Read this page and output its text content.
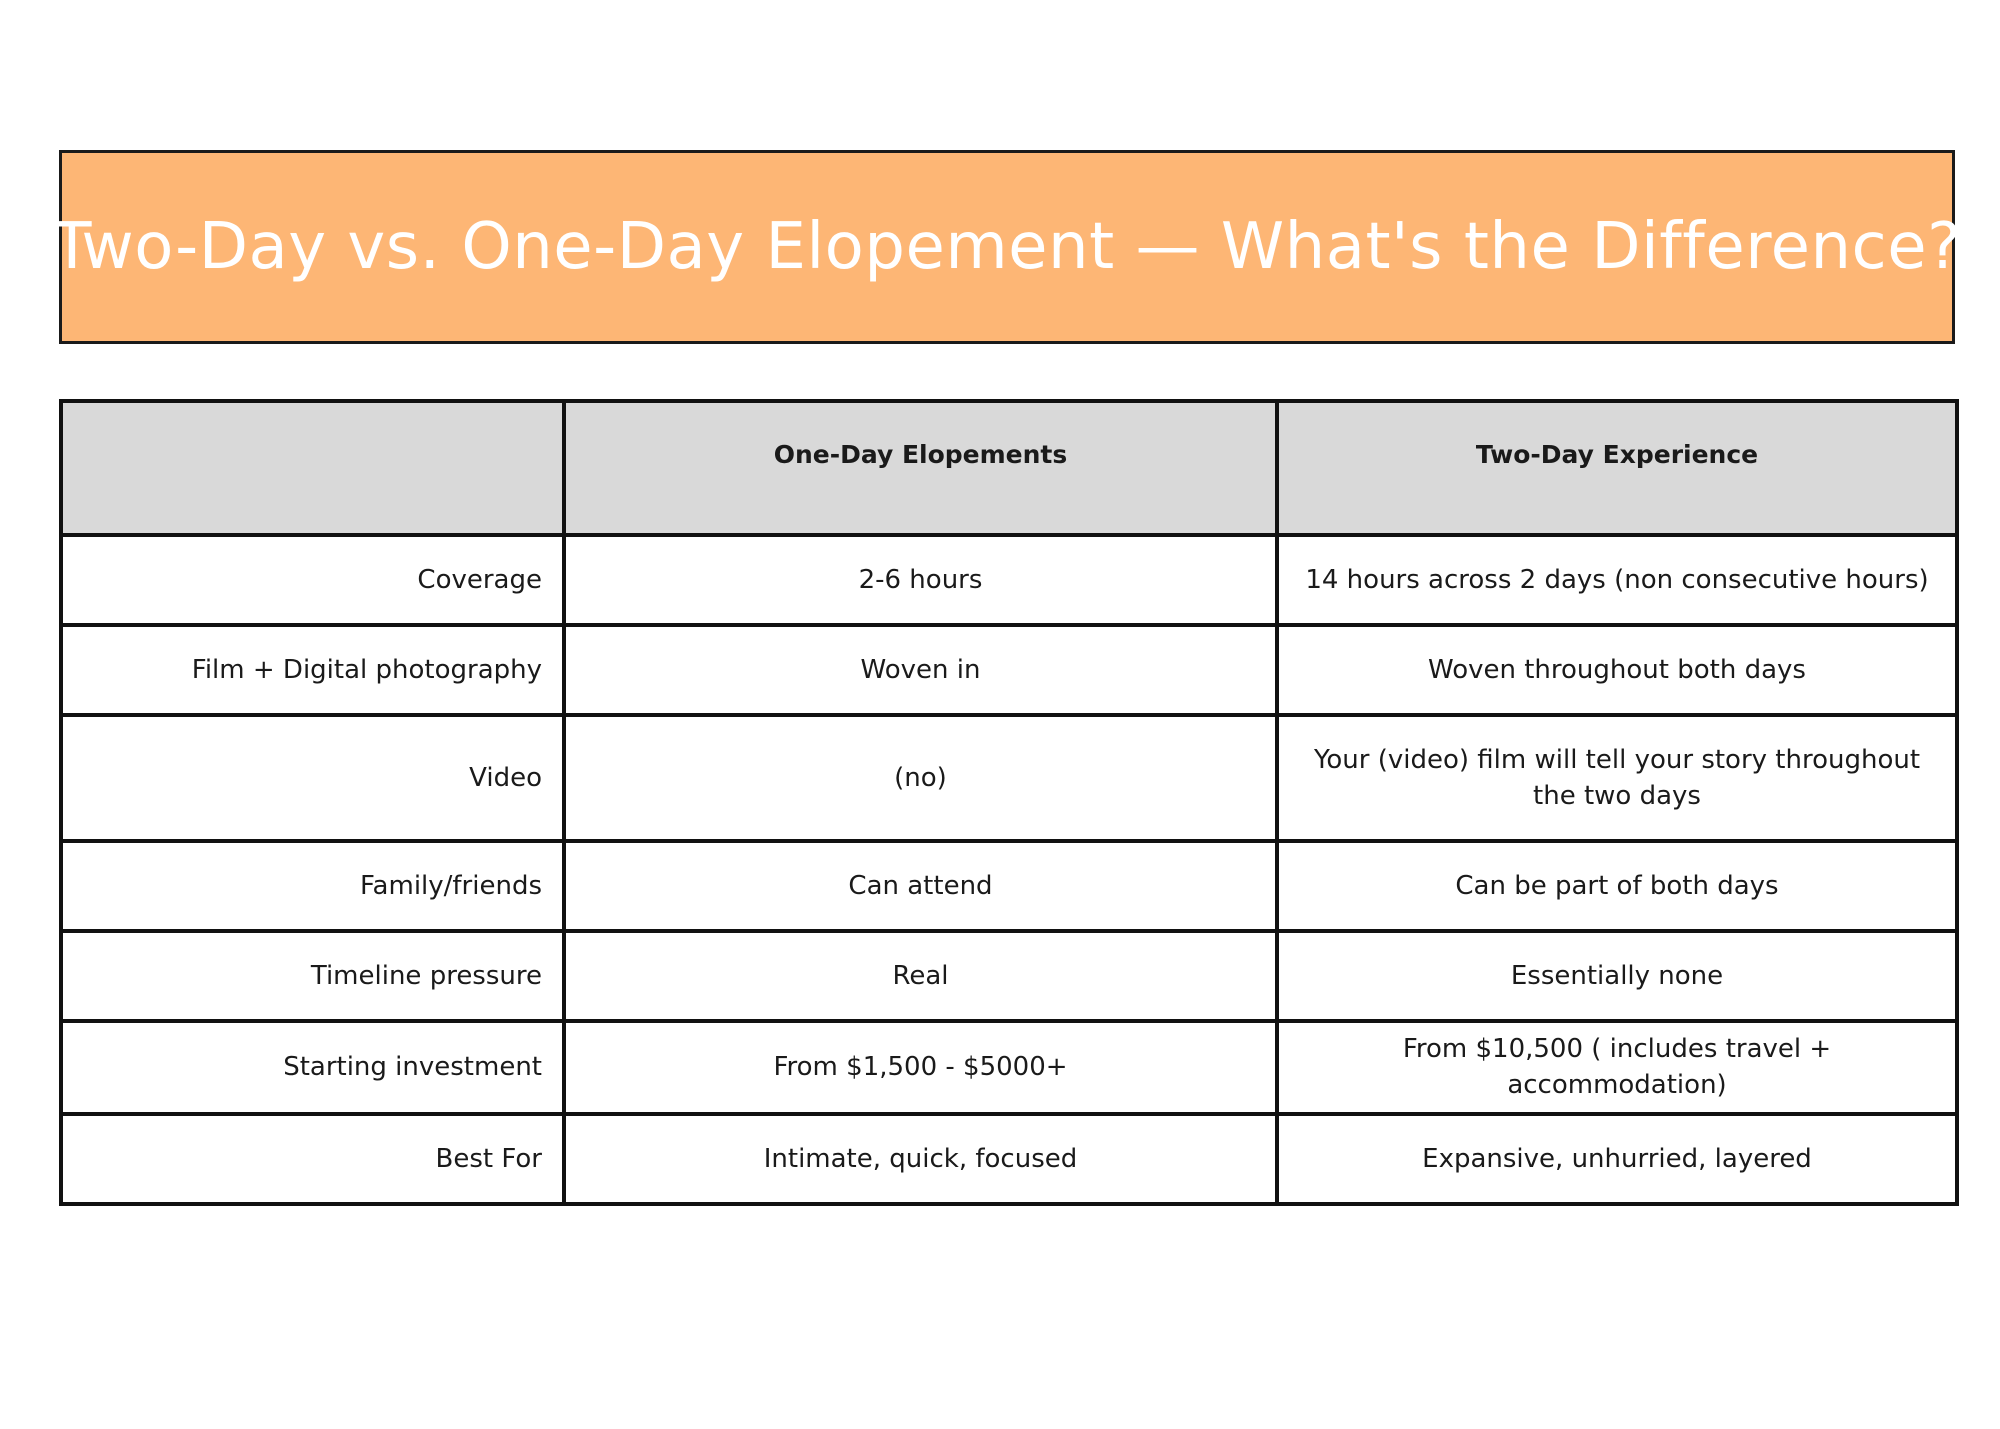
Two-Day vs. One-Day Elopement — What's the Difference?
	One-Day Elopements	Two-Day Experience
Coverage	2-6 hours	14 hours across 2 days (non consecutive hours)
Film + Digital photography	Woven in	Woven throughout both days
Video	(no)	Your (video) film will tell your story throughout the two days
Family/friends	Can attend	Can be part of both days
Timeline pressure	Real	Essentially none
Starting investment	From $1,500 - $5000+	From $10,500 ( includes travel + accommodation)
Best For	Intimate, quick, focused	Expansive, unhurried, layered
